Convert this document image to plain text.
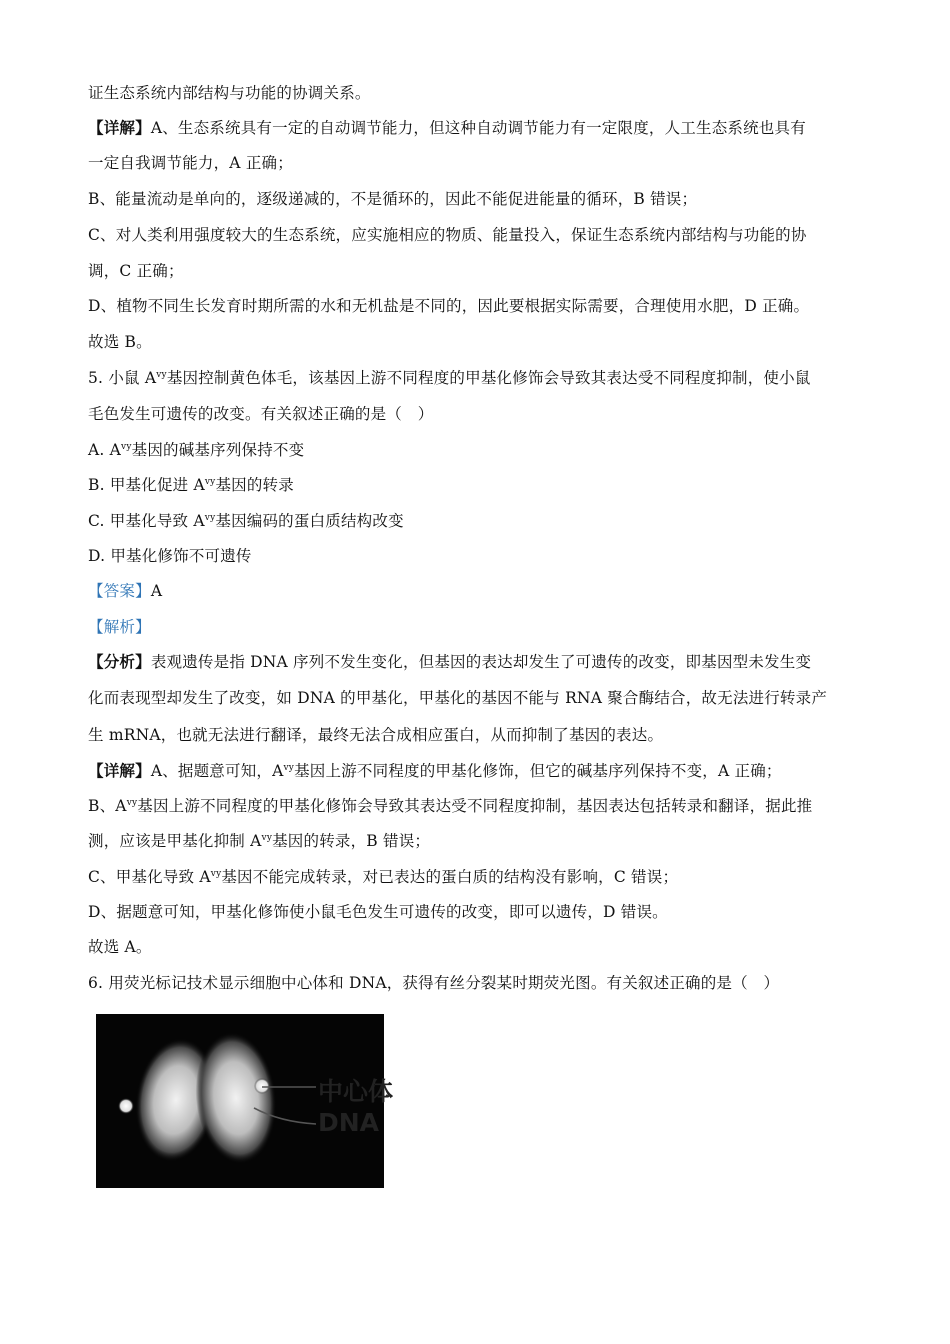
证生态系统内部结构与功能的协调关系。
【详解】A、生态系统具有一定的自动调节能力，但这种自动调节能力有一定限度，人工生态系统也具有
一定自我调节能力，A 正确；
B、能量流动是单向的，逐级递减的，不是循环的，因此不能促进能量的循环，B 错误；
C、对人类利用强度较大的生态系统，应实施相应的物质、能量投入，保证生态系统内部结构与功能的协
调，C 正确；
D、植物不同生长发育时期所需的水和无机盐是不同的，因此要根据实际需要，合理使用水肥，D 正确。
故选 B。
5. 小鼠 $A^{vy}$基因控制黄色体毛，该基因上游不同程度的甲基化修饰会导致其表达受不同程度抑制，使小鼠
毛色发生可遗传的改变。有关叙述正确的是（　）
A. $A^{vy}$基因的碱基序列保持不变
B. 甲基化促进 $A^{vy}$基因的转录
C. 甲基化导致 $A^{vy}$基因编码的蛋白质结构改变
D. 甲基化修饰不可遗传
【答案】A
【解析】
【分析】表观遗传是指 DNA 序列不发生变化，但基因的表达却发生了可遗传的改变，即基因型未发生变
化而表现型却发生了改变，如 DNA 的甲基化，甲基化的基因不能与 RNA 聚合酶结合，故无法进行转录产
生 mRNA，也就无法进行翻译，最终无法合成相应蛋白，从而抑制了基因的表达。
【详解】A、据题意可知，$A^{vy}$基因上游不同程度的甲基化修饰，但它的碱基序列保持不变，A 正确；
B、$A^{vy}$基因上游不同程度的甲基化修饰会导致其表达受不同程度抑制，基因表达包括转录和翻译，据此推
测，应该是甲基化抑制 $A^{vy}$基因的转录，B 错误；
C、甲基化导致 $A^{vy}$基因不能完成转录，对已表达的蛋白质的结构没有影响，C 错误；
D、据题意可知，甲基化修饰使小鼠毛色发生可遗传的改变，即可以遗传，D 错误。
故选 A。
6. 用荧光标记技术显示细胞中心体和 DNA，获得有丝分裂某时期荧光图。有关叙述正确的是（　）
中心体
DNA
